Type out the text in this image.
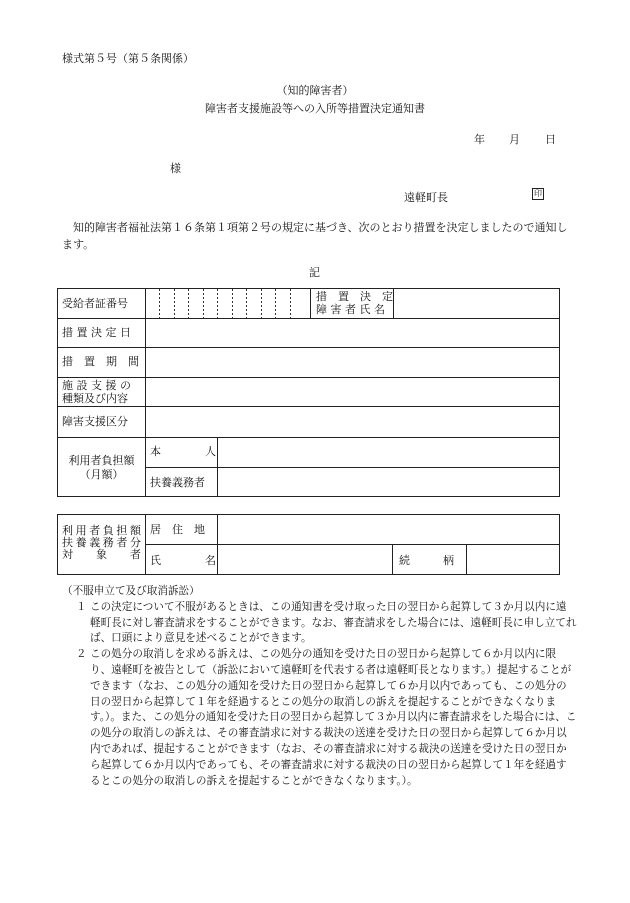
様式第５号（第５条関係）
（知的障害者）
障害者支援施設等への入所等措置決定通知書
年 月 日
様
遠軽町長	印
知的障害者福祉法第１６条第１項第２号の規定に基づき、次のとおり措置を決定しましたので通知します。
記
受給者証番号
措　置　決　定
障 害 者 氏 名
措 置 決 定 日
措　置　期　間
施 設 支 援 の
種類及び内容
障害支援区分
利用者負担額
（月額）
本　　　　人
扶養義務者
利用者負担額
扶養義務者分
対　象　者
居　住　地
氏　　　　名	続　　　柄

（不服申立て及び取消訴訟）

１ この決定について不服があるときは、この通知書を受け取った日の翌日から起算して３か月以内に遠軽町長に対し審査請求をすることができます。なお、審査請求をした場合には、遠軽町長に申し立てれば、口頭により意見を述べることができます。
２ この処分の取消しを求める訴えは、この処分の通知を受けた日の翌日から起算して６か月以内に限り、遠軽町を被告として（訴訟において遠軽町を代表する者は遠軽町長となります。）提起することができます（なお、この処分の通知を受けた日の翌日から起算して６か月以内であっても、この処分の日の翌日から起算して１年を経過するとこの処分の取消しの訴えを提起することができなくなります。）。また、この処分の通知を受けた日の翌日から起算して３か月以内に審査請求をした場合には、この処分の取消しの訴えは、その審査請求に対する裁決の送達を受けた日の翌日から起算して６か月以内であれば、提起することができます（なお、その審査請求に対する裁決の送達を受けた日の翌日から起算して６か月以内であっても、その審査請求に対する裁決の日の翌日から起算して１年を経過するとこの処分の取消しの訴えを提起することができなくなります。）。
